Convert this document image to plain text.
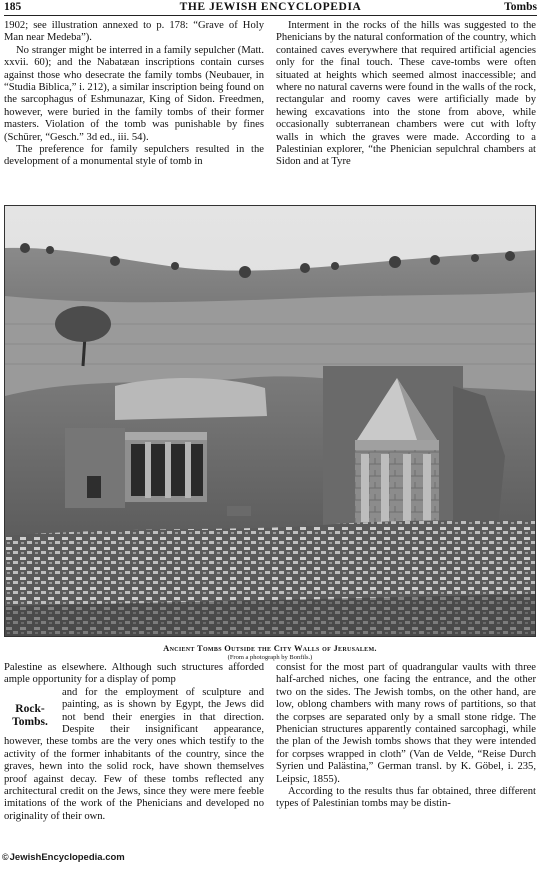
185	THE JEWISH ENCYCLOPEDIA	Tombs

1902; see illustration annexed to p. 178: “Grave of Holy Man near Medeba”).

No stranger might be interred in a family sepulcher (Matt. xxvii. 60); and the Nabatæan inscriptions contain curses against those who desecrate the family tombs (Neubauer, in “Studia Biblica,” i. 212), a similar inscription being found on the sarcophagus of Eshmunazar, King of Sidon. Freedmen, however, were buried in the family tombs of their former masters. Violation of the tomb was punishable by fines (Schürer, “Gesch.” 3d ed., iii. 54).

The preference for family sepulchers resulted in the development of a monumental style of tomb in

Interment in the rocks of the hills was suggested to the Phenicians by the natural conformation of the country, which contained caves everywhere that required artificial agencies only for the final touch. These cave-tombs were often situated at heights which seemed almost inaccessible; and where no natural caverns were found in the walls of the rock, rectangular and roomy caves were artificially made by hewing excavations into the stone from above, while occasionally subterranean chambers were cut with lofty walls in which the graves were made. According to a Palestinian explorer, “the Phenician sepulchral chambers at Sidon and at Tyre

Ancient Tombs Outside the City Walls of Jerusalem.
(From a photograph by Bonfils.)

Palestine as elsewhere. Although such structures afforded ample opportunity for a display of pomp

Rock-
Tombs.

and for the employment of sculpture and painting, as is shown by Egypt, the Jews did not bend their energies in that direction. Despite their insignificant appearance, however, these tombs are the very ones which testify to the activity of the former inhabitants of the country, since the graves, hewn into the solid rock, have shown themselves proof against decay. Few of these tombs reflected any architectural credit on the Jews, since they were mere feeble imitations of the work of the Phenicians and developed no originality of their own.

consist for the most part of quadrangular vaults with three half-arched niches, one facing the entrance, and the other two on the sides. The Jewish tombs, on the other hand, are low, oblong chambers with many rows of partitions, so that the corpses are separated only by a small stone ridge. The Phenician structures apparently contained sarcophagi, while the plan of the Jewish tombs shows that they were intended for corpses wrapped in cloth” (Van de Velde, “Reise Durch Syrien und Palästina,” German transl. by K. Göbel, i. 235, Leipsic, 1855).

According to the results thus far obtained, three different types of Palestinian tombs may be distin-

©JewishEncyclopedia.com
